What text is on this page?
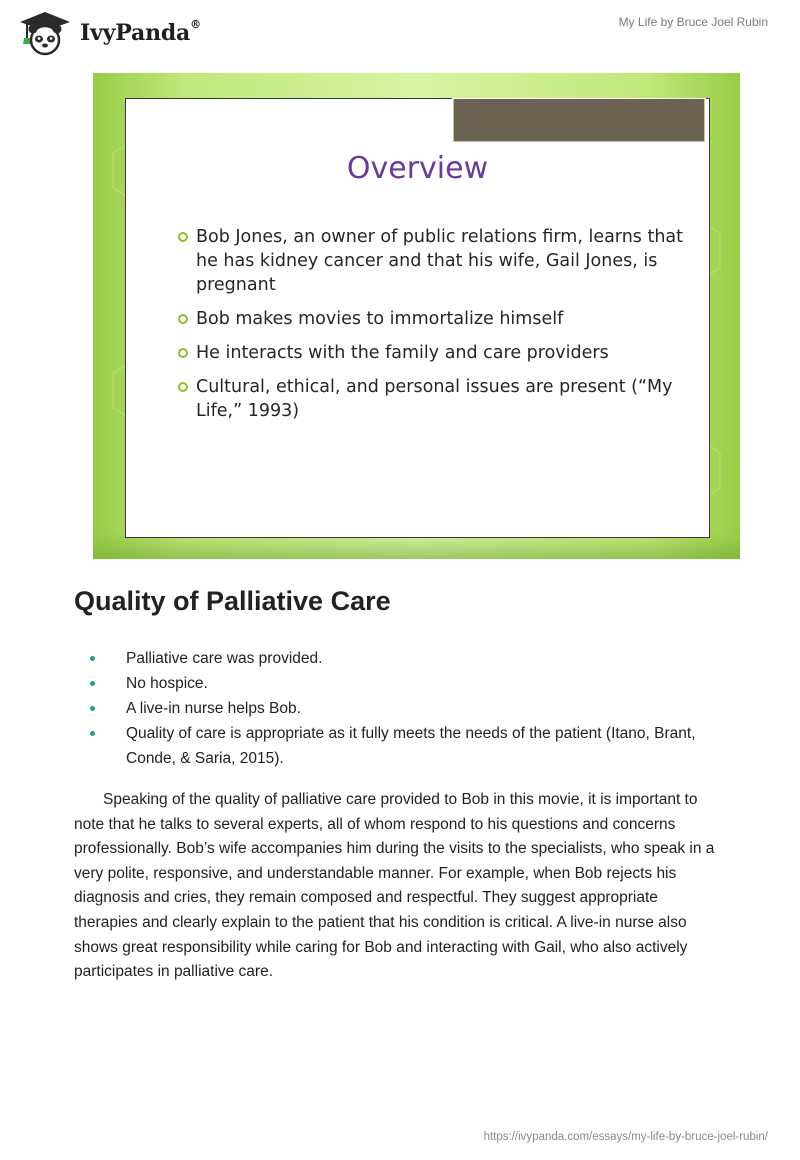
IvyPanda®	My Life by Bruce Joel Rubin
Overview
Bob Jones, an owner of public relations firm, learns that he has kidney cancer and that his wife, Gail Jones, is pregnant
Bob makes movies to immortalize himself
He interacts with the family and care providers
Cultural, ethical, and personal issues are present (“My Life,” 1993)
Quality of Palliative Care
Palliative care was provided.
No hospice.
A live-in nurse helps Bob.
Quality of care is appropriate as it fully meets the needs of the patient (Itano, Brant, Conde, & Saria, 2015).

Speaking of the quality of palliative care provided to Bob in this movie, it is important to note that he talks to several experts, all of whom respond to his questions and concerns professionally. Bob’s wife accompanies him during the visits to the specialists, who speak in a very polite, responsive, and understandable manner. For example, when Bob rejects his diagnosis and cries, they remain composed and respectful. They suggest appropriate therapies and clearly explain to the patient that his condition is critical. A live-in nurse also shows great responsibility while caring for Bob and interacting with Gail, who also actively participates in palliative care.

https://ivypanda.com/essays/my-life-by-bruce-joel-rubin/
